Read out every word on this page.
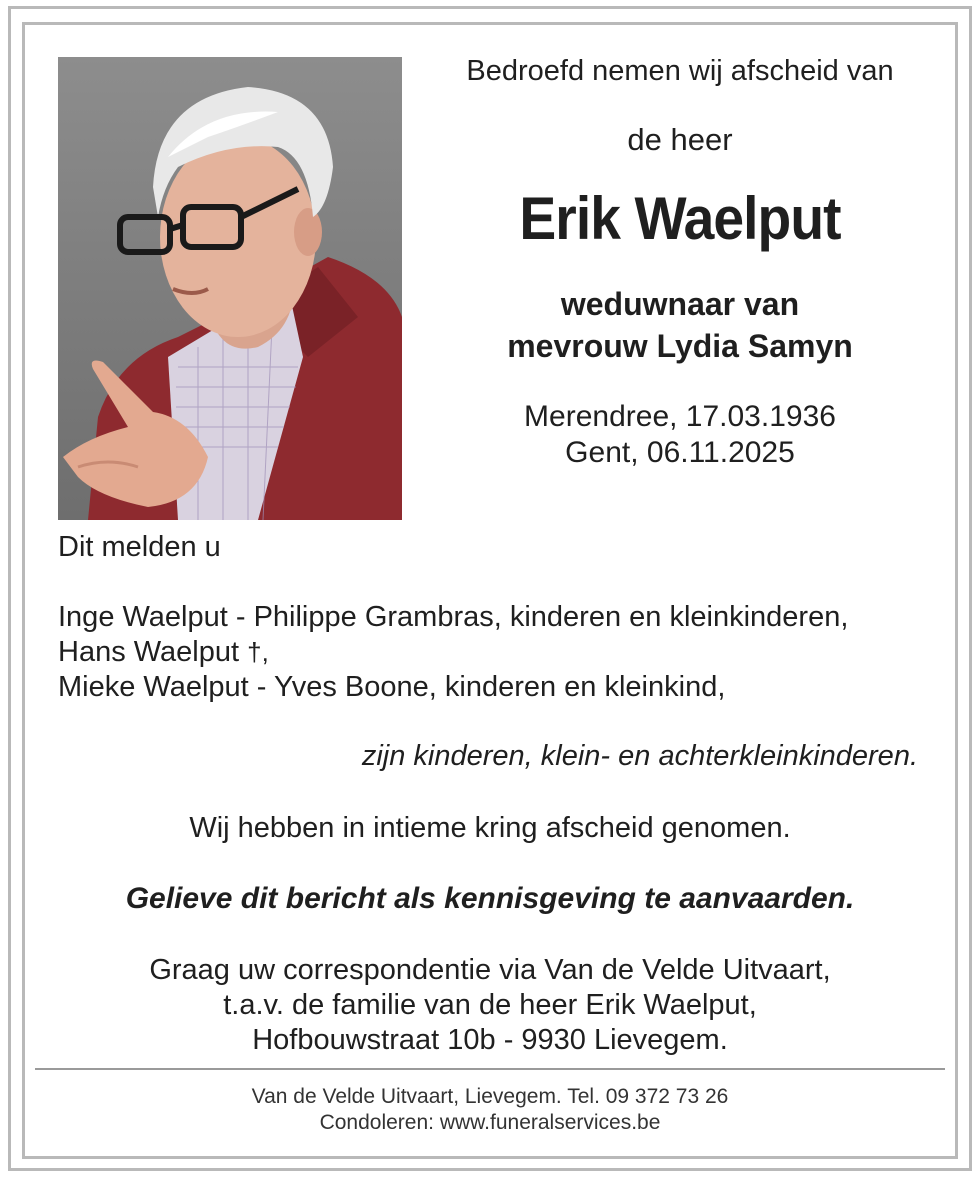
Bedroefd nemen wij afscheid van
de heer
Erik Waelput
weduwnaar van
mevrouw Lydia Samyn
Merendree, 17.03.1936
Gent, 06.11.2025
Dit melden u
Inge Waelput - Philippe Grambras, kinderen en kleinkinderen,
Hans Waelput †,
Mieke Waelput - Yves Boone, kinderen en kleinkind,
zijn kinderen, klein- en achterkleinkinderen.
Wij hebben in intieme kring afscheid genomen.
Gelieve dit bericht als kennisgeving te aanvaarden.
Graag uw correspondentie via Van de Velde Uitvaart,
t.a.v. de familie van de heer Erik Waelput,
Hofbouwstraat 10b - 9930 Lievegem.
Van de Velde Uitvaart, Lievegem. Tel. 09 372 73 26
Condoleren: www.funeralservices.be
